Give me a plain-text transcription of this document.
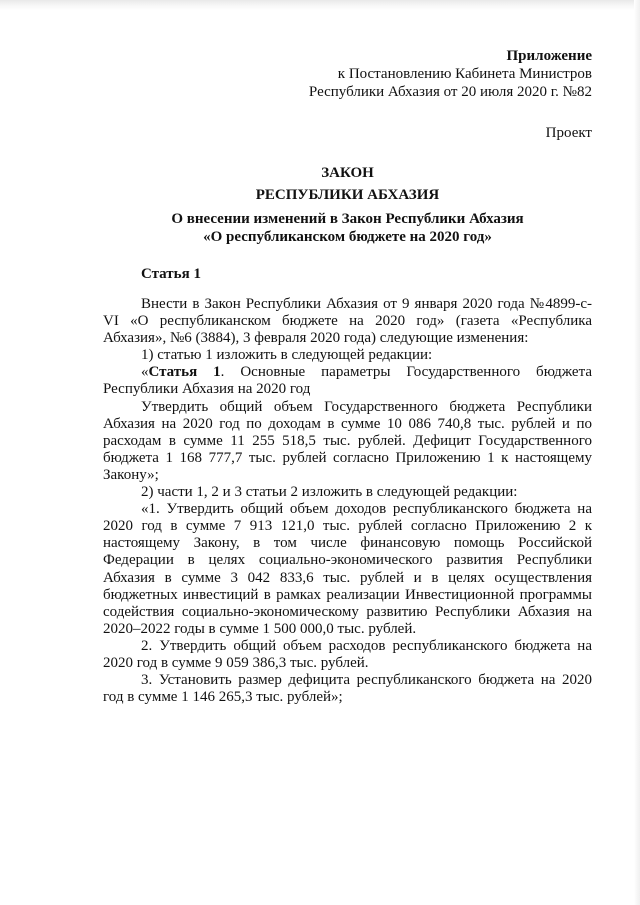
Приложение
к Постановлению Кабинета Министров
Республики Абхазия от 20 июля 2020 г. №82
Проект
ЗАКОН
РЕСПУБЛИКИ АБХАЗИЯ
О внесении изменений в Закон Республики Абхазия
«О республиканском бюджете на 2020 год»
Статья 1

Внести в Закон Республики Абхазия от 9 января 2020 года №4899-с-VI «О республиканском бюджете на 2020 год» (газета «Республика Абхазия», №6 (3884), 3 февраля 2020 года) следующие изменения:

1) статью 1 изложить в следующей редакции:

«Статья 1. Основные параметры Государственного бюджета Республики Абхазия на 2020 год

Утвердить общий объем Государственного бюджета Республики Абхазия на 2020 год по доходам в сумме 10 086 740,8 тыс. рублей и по расходам в сумме 11 255 518,5 тыс. рублей. Дефицит Государственного бюджета 1 168 777,7 тыс. рублей согласно Приложению 1 к настоящему Закону»;

2) части 1, 2 и 3 статьи 2 изложить в следующей редакции:

«1. Утвердить общий объем доходов республиканского бюджета на 2020 год в сумме 7 913 121,0 тыс. рублей согласно Приложению 2 к настоящему Закону, в том числе финансовую помощь Российской Федерации в целях социально-экономического развития Республики Абхазия в сумме 3 042 833,6 тыс. рублей и в целях осуществления бюджетных инвестиций в рамках реализации Инвестиционной программы содействия социально-экономическому развитию Республики Абхазия на 2020–2022 годы в сумме 1 500 000,0 тыс. рублей.

2. Утвердить общий объем расходов республиканского бюджета на 2020 год в сумме 9 059 386,3 тыс. рублей.

3. Установить размер дефицита республиканского бюджета на 2020 год в сумме 1 146 265,3 тыс. рублей»;
